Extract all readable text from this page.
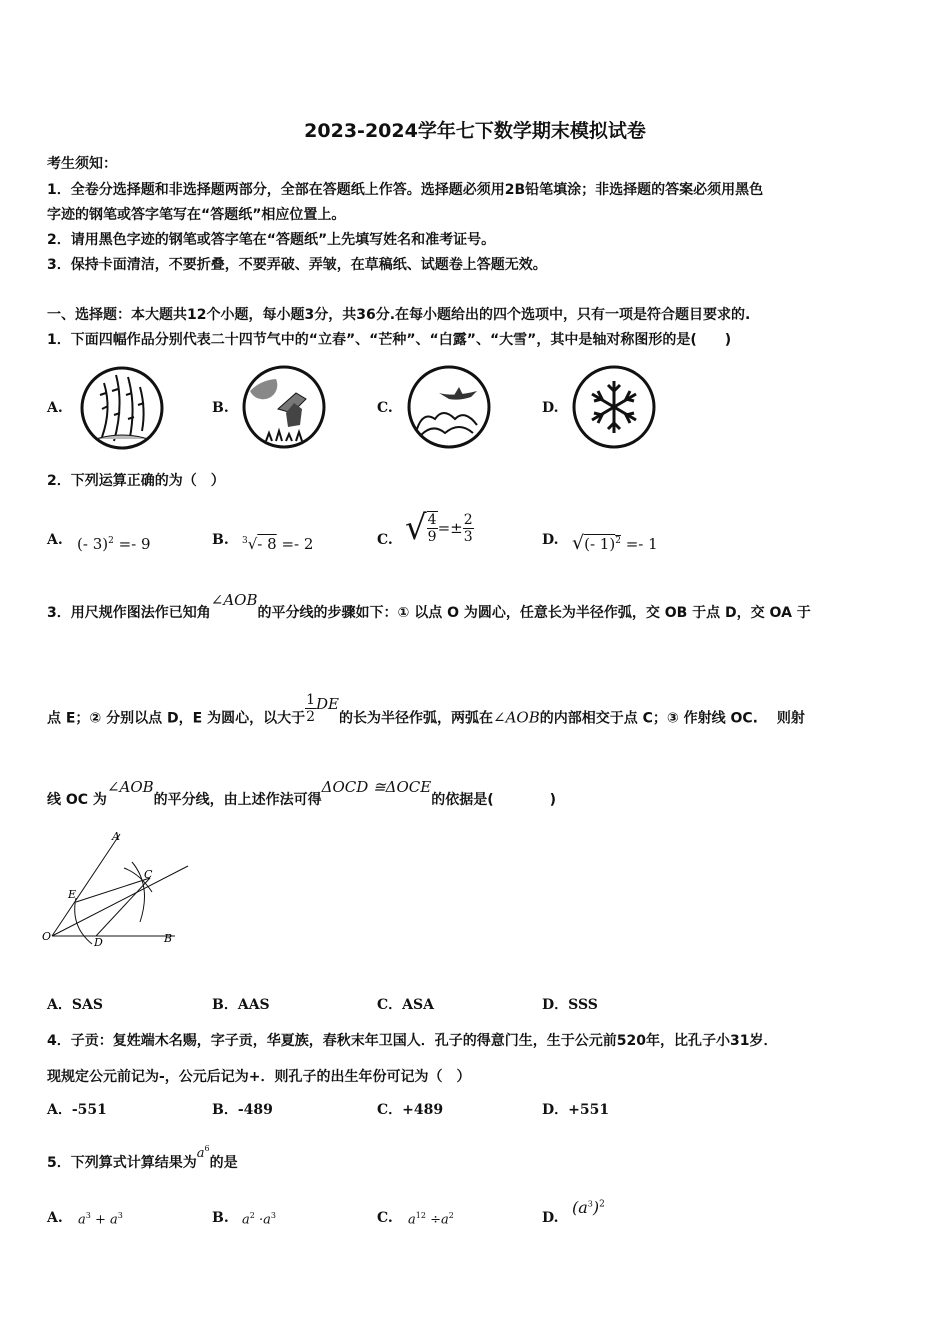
2023-2024学年七下数学期末模拟试卷
考生须知：
1．全卷分选择题和非选择题两部分，全部在答题纸上作答。选择题必须用2B铅笔填涂；非选择题的答案必须用黑色
字迹的钢笔或答字笔写在“答题纸”相应位置上。
2．请用黑色字迹的钢笔或答字笔在“答题纸”上先填写姓名和准考证号。
3．保持卡面清洁，不要折叠，不要弄破、弄皱，在草稿纸、试题卷上答题无效。
一、选择题：本大题共12个小题，每小题3分，共36分.在每小题给出的四个选项中，只有一项是符合题目要求的.
1．下面四幅作品分别代表二十四节气中的“立春”、“芒种”、“白露”、“大雪”，其中是轴对称图形的是(　　)
A.	B.	C.	D.
2．下列运算正确的为（　）
A. (- 3)$^2$ =- 9	B. $^3$√- 8 =- 2	C. √ $\frac{4}{9} =\pm \frac{2}{3}$	D. √(- 1)$^2$ =- 1
3．用尺规作图法作已知角∠AOB的平分线的步骤如下：① 以点 O 为圆心，任意长为半径作弧，交 OB 于点 D，交 OA 于
点 E；② 分别以点 D，E 为圆心，以大于 $\frac{1}{2}$ DE的长为半径作弧，两弧在∠AOB的内部相交于点 C；③ 作射线 OC.　 则射
线 OC 为∠AOB的平分线，由上述作法可得ΔOCD ≅ΔOCE的依据是(　　　　)
A
E
C
O	D	B
A．SAS	B．AAS	C．ASA	D．SSS
4．子贡：复姓端木名赐，字子贡，华夏族，春秋末年卫国人．孔子的得意门生，生于公元前520年，比孔子小31岁．
现规定公元前记为-，公元后记为+．则孔子的出生年份可记为（　）
A．-551	B．-489	C．+489	D．+551
5．下列算式计算结果为$a^6$的是
A. $a^3 + a^3$	B. $a^2 \cdot a^3$	C. $a^{12} \div a^2$	D.
$(a^3)^2$
